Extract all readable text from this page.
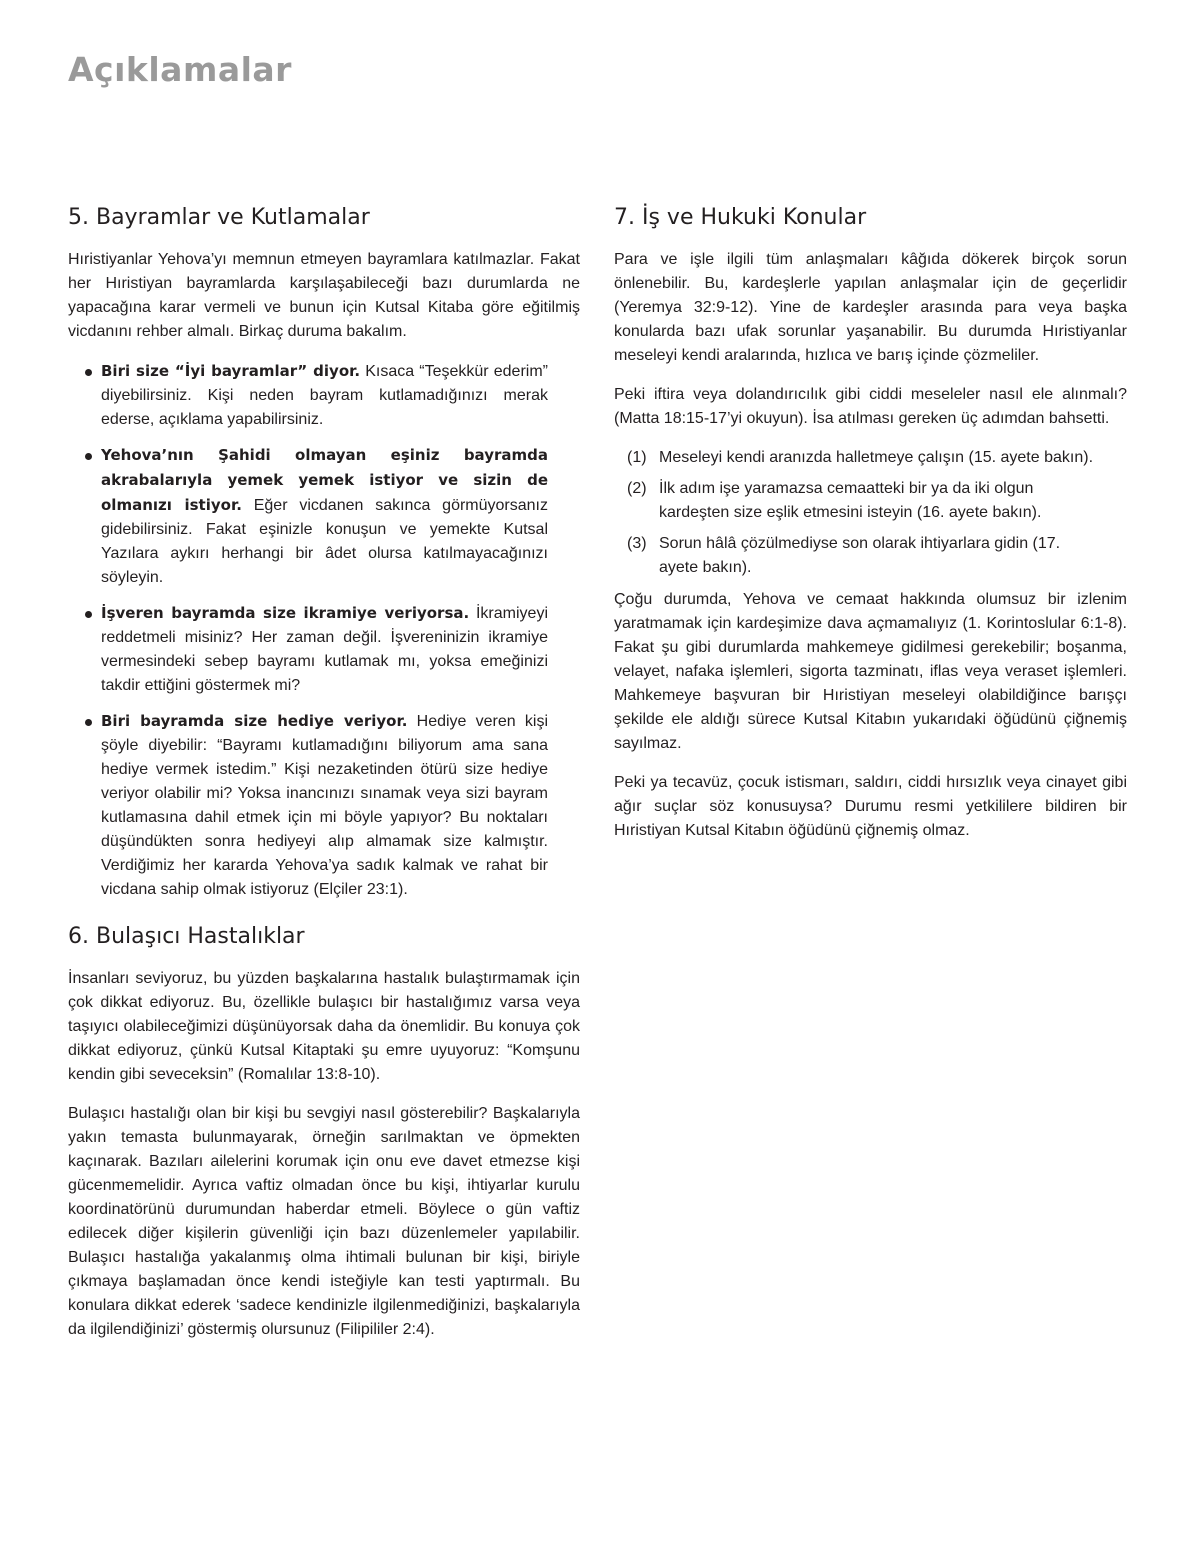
Açıklamalar
5. Bayramlar ve Kutlamalar

Hıristiyanlar Yehova’yı memnun etmeyen bayramlara katılmazlar. Fakat her Hıristiyan bayramlarda karşılaşabileceği bazı durumlarda ne yapacağına karar vermeli ve bunun için Kutsal Kitaba göre eğitilmiş vicdanını rehber almalı. Birkaç duruma bakalım.

Biri size “İyi bayramlar” diyor. Kısaca “Teşekkür ederim” diyebilirsiniz. Kişi neden bayram kutlamadığınızı merak ederse, açıklama yapabilirsiniz.
Yehova’nın Şahidi olmayan eşiniz bayramda akrabalarıyla yemek yemek istiyor ve sizin de olmanızı istiyor. Eğer vicdanen sakınca görmüyorsanız gidebilirsiniz. Fakat eşinizle konuşun ve yemekte Kutsal Yazılara aykırı herhangi bir âdet olursa katılmayacağınızı söyleyin.
İşveren bayramda size ikramiye veriyorsa. İkramiyeyi reddetmeli misiniz? Her zaman değil. İşvereninizin ikramiye vermesindeki sebep bayramı kutlamak mı, yoksa emeğinizi takdir ettiğini göstermek mi?
Biri bayramda size hediye veriyor. Hediye veren kişi şöyle diyebilir: “Bayramı kutlamadığını biliyorum ama sana hediye vermek istedim.” Kişi nezaketinden ötürü size hediye veriyor olabilir mi? Yoksa inancınızı sınamak veya sizi bayram kutlamasına dahil etmek için mi böyle yapıyor? Bu noktaları düşündükten sonra hediyeyi alıp almamak size kalmıştır. Verdiğimiz her kararda Yehova’ya sadık kalmak ve rahat bir vicdana sahip olmak istiyoruz (Elçiler 23:1).
6. Bulaşıcı Hastalıklar

İnsanları seviyoruz, bu yüzden başkalarına hastalık bulaştırmamak için çok dikkat ediyoruz. Bu, özellikle bulaşıcı bir hastalığımız varsa veya taşıyıcı olabileceğimizi düşünüyorsak daha da önemlidir. Bu konuya çok dikkat ediyoruz, çünkü Kutsal Kitaptaki şu emre uyuyoruz: “Komşunu kendin gibi seveceksin” (Romalılar 13:8-10).

Bulaşıcı hastalığı olan bir kişi bu sevgiyi nasıl gösterebilir? Başkalarıyla yakın temasta bulunmayarak, örneğin sarılmaktan ve öpmekten kaçınarak. Bazıları ailelerini korumak için onu eve davet etmezse kişi gücenmemelidir. Ayrıca vaftiz olmadan önce bu kişi, ihtiyarlar kurulu koordinatörünü durumundan haberdar etmeli. Böylece o gün vaftiz edilecek diğer kişilerin güvenliği için bazı düzenlemeler yapılabilir. Bulaşıcı hastalığa yakalanmış olma ihtimali bulunan bir kişi, biriyle çıkmaya başlamadan önce kendi isteğiyle kan testi yaptırmalı. Bu konulara dikkat ederek ‘sadece kendinizle ilgilenmediğinizi, başkalarıyla da ilgilendiğinizi’ göstermiş olursunuz (Filipililer 2:4).

7. İş ve Hukuki Konular

Para ve işle ilgili tüm anlaşmaları kâğıda dökerek birçok sorun önlenebilir. Bu, kardeşlerle yapılan anlaşmalar için de geçerlidir (Yeremya 32:9-12). Yine de kardeşler arasında para veya başka konularda bazı ufak sorunlar yaşanabilir. Bu durumda Hıristiyanlar meseleyi kendi aralarında, hızlıca ve barış içinde çözmeliler.

Peki iftira veya dolandırıcılık gibi ciddi meseleler nasıl ele alınmalı? (Matta 18:15-17’yi okuyun). İsa atılması gereken üç adımdan bahsetti.

(1) Meseleyi kendi aranızda halletmeye çalışın (15. ayete bakın).
(2) İlk adım işe yaramazsa cemaatteki bir ya da iki olgun kardeşten size eşlik etmesini isteyin (16. ayete bakın).
(3) Sorun hâlâ çözülmediyse son olarak ihtiyarlara gidin (17. ayete bakın).

Çoğu durumda, Yehova ve cemaat hakkında olumsuz bir izlenim yaratmamak için kardeşimize dava açmamalıyız (1. Korintoslular 6:1-8). Fakat şu gibi durumlarda mahkemeye gidilmesi gerekebilir; boşanma, velayet, nafaka işlemleri, sigorta tazminatı, iflas veya veraset işlemleri. Mahkemeye başvuran bir Hıristiyan meseleyi olabildiğince barışçı şekilde ele aldığı sürece Kutsal Kitabın yukarıdaki öğüdünü çiğnemiş sayılmaz.

Peki ya tecavüz, çocuk istismarı, saldırı, ciddi hırsızlık veya cinayet gibi ağır suçlar söz konusuysa? Durumu resmi yetkililere bildiren bir Hıristiyan Kutsal Kitabın öğüdünü çiğnemiş olmaz.
